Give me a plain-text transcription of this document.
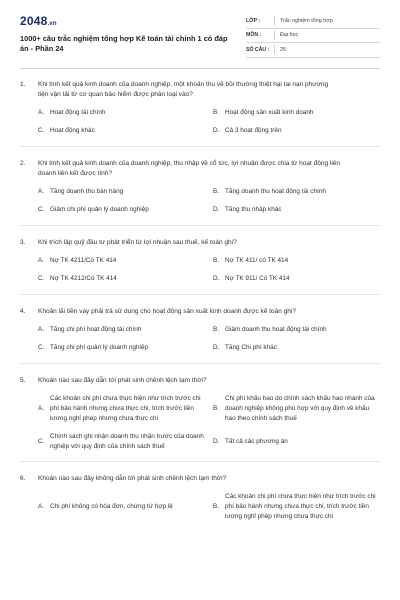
2048.vn
1000+ câu trắc nghiệm tổng hợp Kế toán tài chính 1 có đáp án - Phần 24
LỚP :	Trắc nghiệm tổng hợp
MÔN :	Đại học
SỐ CÂU :	25
1.	Khi tính kết quả kinh doanh của doanh nghiệp, một khoản thu về bồi thường thiệt hại tai nạn phương tiện vận tải từ cơ quan bảo hiểm được phân loại vào?
A. Hoạt động tài chính	B. Hoạt động sản xuất kinh doanh
C. Hoạt động khác	D. Cả 3 hoạt động trên
2.	Khi tính kết quả kinh doanh của doanh nghiệp, thu nhập về cổ tức, lợi nhuận được chia từ hoạt động liên doanh liên kết được tính?
A. Tăng doanh thu bán hàng	B. Tăng doanh thu hoạt động tài chính
C. Giảm chi phí quản lý doanh nghiệp	D. Tăng thu nhập khác
3.	Khi trích lập quỹ đầu tư phát triển từ lợi nhuận sau thuế, kế toán ghi?
A. Nợ TK 4211/Có TK 414	B. Nợ TK 411/ có TK 414
C. Nợ TK 4212/Có TK 414	D. Nợ TK 911/ Có TK 414
4.	Khoản lãi tiền vay phải trả sử dụng cho hoạt động sản xuất kinh doanh được kế toán ghi?
A. Tăng chi phí hoạt động tài chính	B. Giảm doanh thu hoạt động tài chính
C. Tăng chi phí quản lý doanh nghiệp	D. Tăng Chi phí khác
5.	Khoản nào sau đây dẫn tới phát sinh chênh lệch tạm thời?
A.
Các khoản chi phí chưa thực hiện như trích trước chi phí bảo hành nhưng chưa thực chi, trích trước tiền lương nghỉ phép nhưng chưa thực chi
B.
Chi phí khấu hao do chính sách khấu hao nhanh của doanh nghiệp không phù hợp với quy định về khấu hao theo chính sách thuế
C.
Chính sách ghi nhận doanh thu nhận trước của doanh nghiệp với quy định của chính sách thuế
D. Tất cả các phương án
6.	Khoản nào sau đây không dẫn tới phát sinh chênh lệch tạm thời?
A. Chi phí không có hóa đơn, chứng từ hợp lệ	B.
Các khoản chi phí chưa thực hiện như trích trước chi phí bảo hành nhưng chưa thực chi, trích trước tiền lương nghỉ phép nhưng chưa thực chi
